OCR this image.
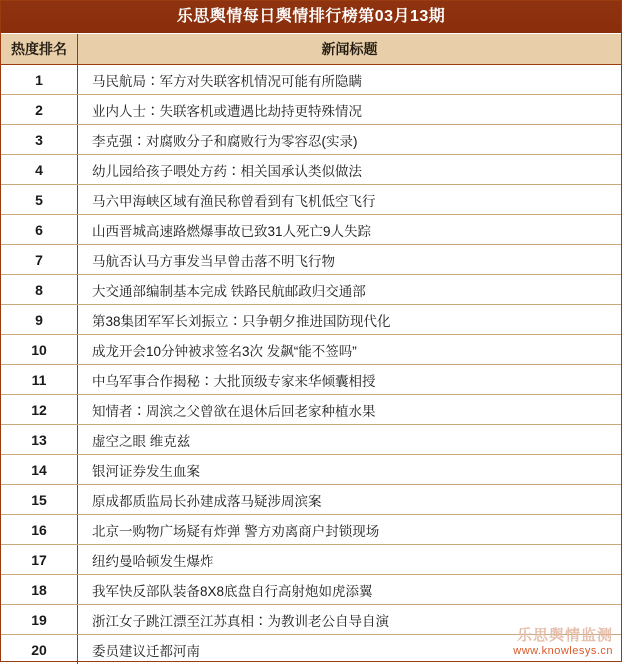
乐思舆情每日舆情排行榜第03月13期
热度排名	新闻标题
1	马民航局∶军方对失联客机情况可能有所隐瞒
2	业内人士∶失联客机或遭遇比劫持更特殊情况
3	李克强∶对腐败分子和腐败行为零容忍(实录)
4	幼儿园给孩子喂处方药∶相关国承认类似做法
5	马六甲海峡区域有渔民称曾看到有飞机低空飞行
6	山西晋城高速路燃爆事故已致31人死亡9人失踪
7	马航否认马方事发当早曾击落不明飞行物
8	大交通部编制基本完成 铁路民航邮政归交通部
9	第38集团军军长刘振立∶只争朝夕推进国防现代化
10	成龙开会10分钟被求签名3次 发飙“能不签吗”
11	中乌军事合作揭秘∶大批顶级专家来华倾囊相授
12	知情者∶周滨之父曾欲在退休后回老家种植水果
13	虚空之眼 维克兹
14	银河证券发生血案
15	原成都质监局长孙建成落马疑涉周滨案
16	北京一购物广场疑有炸弹 警方劝离商户封锁现场
17	纽约曼哈顿发生爆炸
18	我军快反部队装备8X8底盘自行高射炮如虎添翼
19	浙江女子跳江漂至江苏真相∶为教训老公自导自演
20	委员建议迁都河南
乐思舆情监测
www.knowlesys.cn
